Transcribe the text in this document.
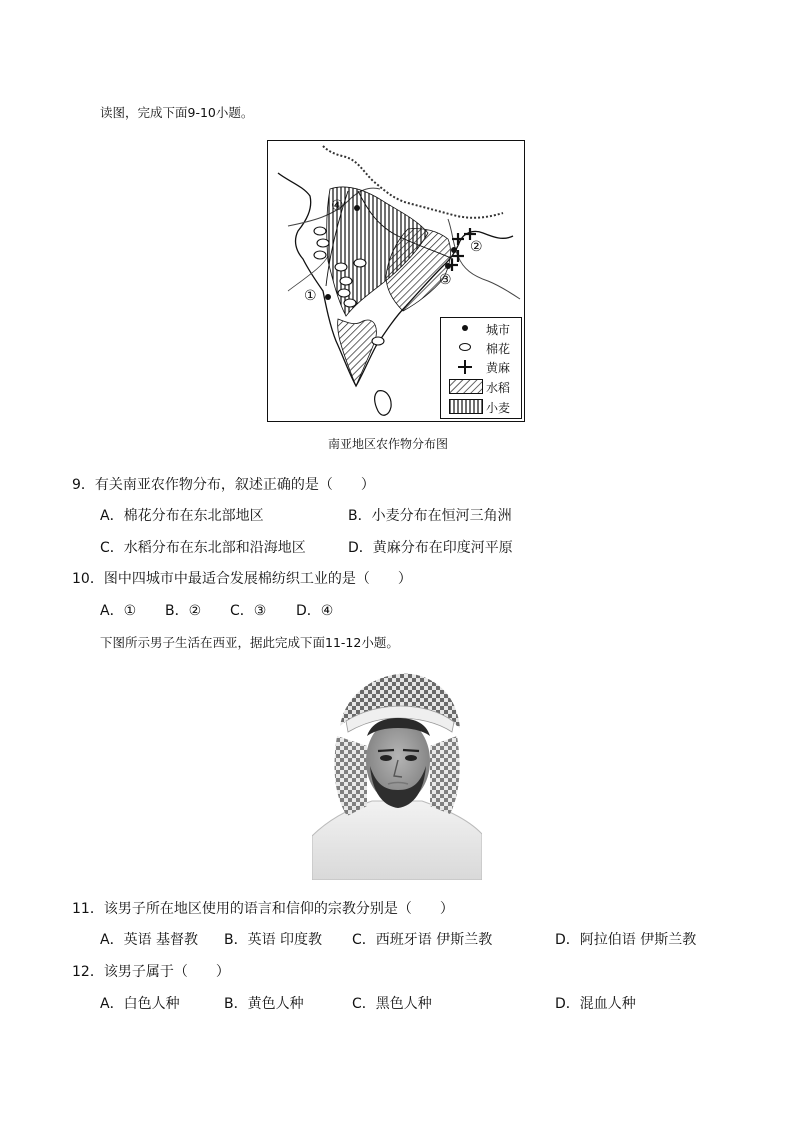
读图，完成下面9-10小题。
④
①
②
③
城市
棉花
黄麻
水稻
小麦
南亚地区农作物分布图
9．有关南亚农作物分布，叙述正确的是（　　）
A．棉花分布在东北部地区	B．小麦分布在恒河三角洲
C．水稻分布在东北部和沿海地区	D．黄麻分布在印度河平原
10．图中四城市中最适合发展棉纺织工业的是（　　）
A．① B．② C．③ D．④
下图所示男子生活在西亚，据此完成下面11-12小题。
11．该男子所在地区使用的语言和信仰的宗教分别是（　　）
A．英语 基督教 B．英语 印度教 C．西班牙语 伊斯兰教	D．阿拉伯语 伊斯兰教
12．该男子属于（　　）
A．白色人种	B．黄色人种	C．黑色人种	D．混血人种
